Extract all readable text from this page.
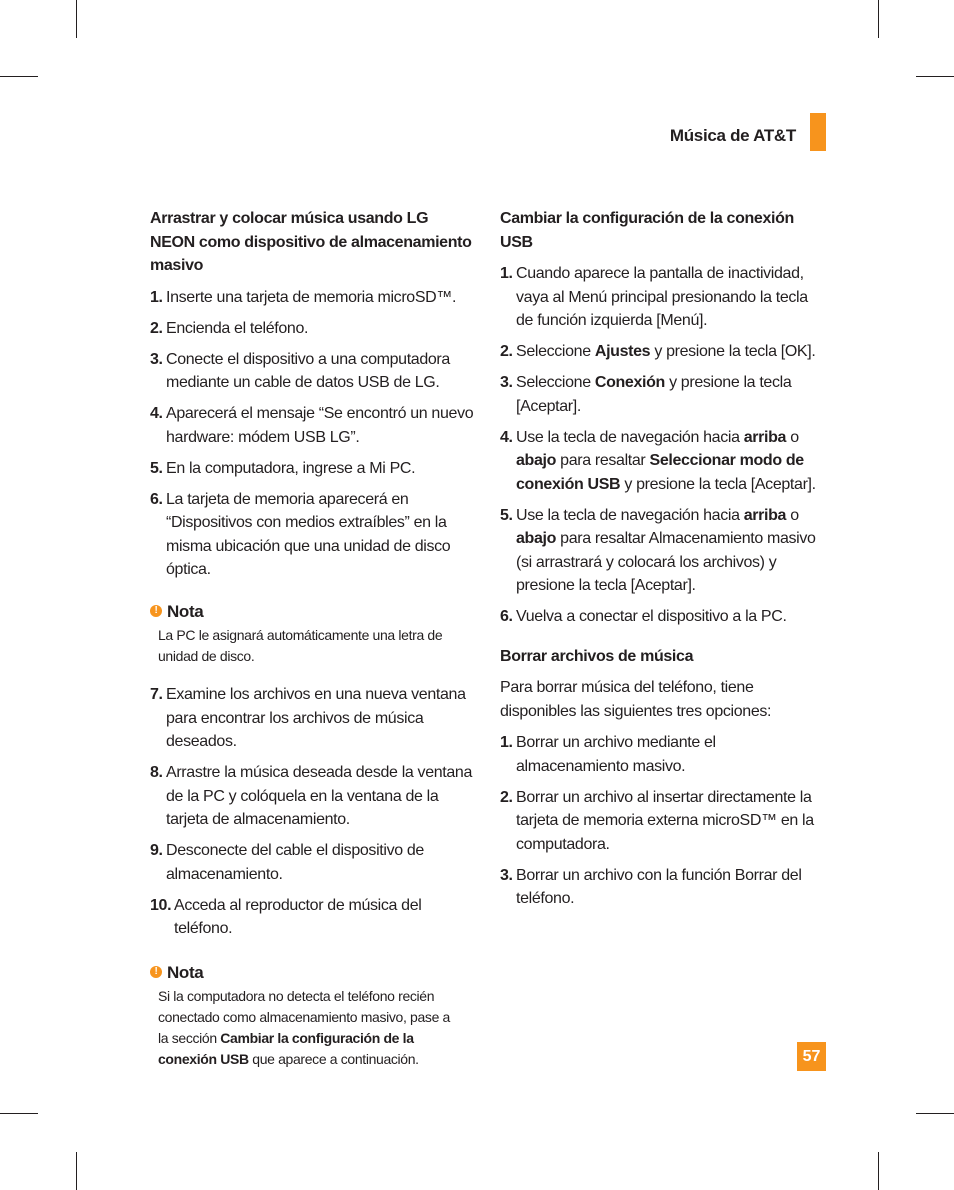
Música de AT&T
Arrastrar y colocar música usando LG NEON como dispositivo de almacenamiento masivo
1. Inserte una tarjeta de memoria microSD™.
2. Encienda el teléfono.
3. Conecte el dispositivo a una computadora mediante un cable de datos USB de LG.
4. Aparecerá el mensaje “Se encontró un nuevo hardware: módem USB LG”.
5. En la computadora, ingrese a Mi PC.
6. La tarjeta de memoria aparecerá en “Dispositivos con medios extraíbles” en la misma ubicación que una unidad de disco óptica.
! Nota
La PC le asignará automáticamente una letra de unidad de disco.
7. Examine los archivos en una nueva ventana para encontrar los archivos de música deseados.
8. Arrastre la música deseada desde la ventana de la PC y colóquela en la ventana de la tarjeta de almacenamiento.
9. Desconecte del cable el dispositivo de almacenamiento.
10. Acceda al reproductor de música del teléfono.
! Nota
Si la computadora no detecta el teléfono recién conectado como almacenamiento masivo, pase a la sección Cambiar la configuración de la conexión USB que aparece a continuación.
Cambiar la configuración de la conexión USB
1. Cuando aparece la pantalla de inactividad, vaya al Menú principal presionando la tecla de función izquierda [Menú].
2. Seleccione Ajustes y presione la tecla [OK].
3. Seleccione Conexión y presione la tecla [Aceptar].
4. Use la tecla de navegación hacia arriba o abajo para resaltar Seleccionar modo de conexión USB y presione la tecla [Aceptar].
5. Use la tecla de navegación hacia arriba o abajo para resaltar Almacenamiento masivo (si arrastrará y colocará los archivos) y presione la tecla [Aceptar].
6. Vuelva a conectar el dispositivo a la PC.
Borrar archivos de música
Para borrar música del teléfono, tiene disponibles las siguientes tres opciones:
1. Borrar un archivo mediante el almacenamiento masivo.
2. Borrar un archivo al insertar directamente la tarjeta de memoria externa microSD™ en la computadora.
3. Borrar un archivo con la función Borrar del teléfono.
57
